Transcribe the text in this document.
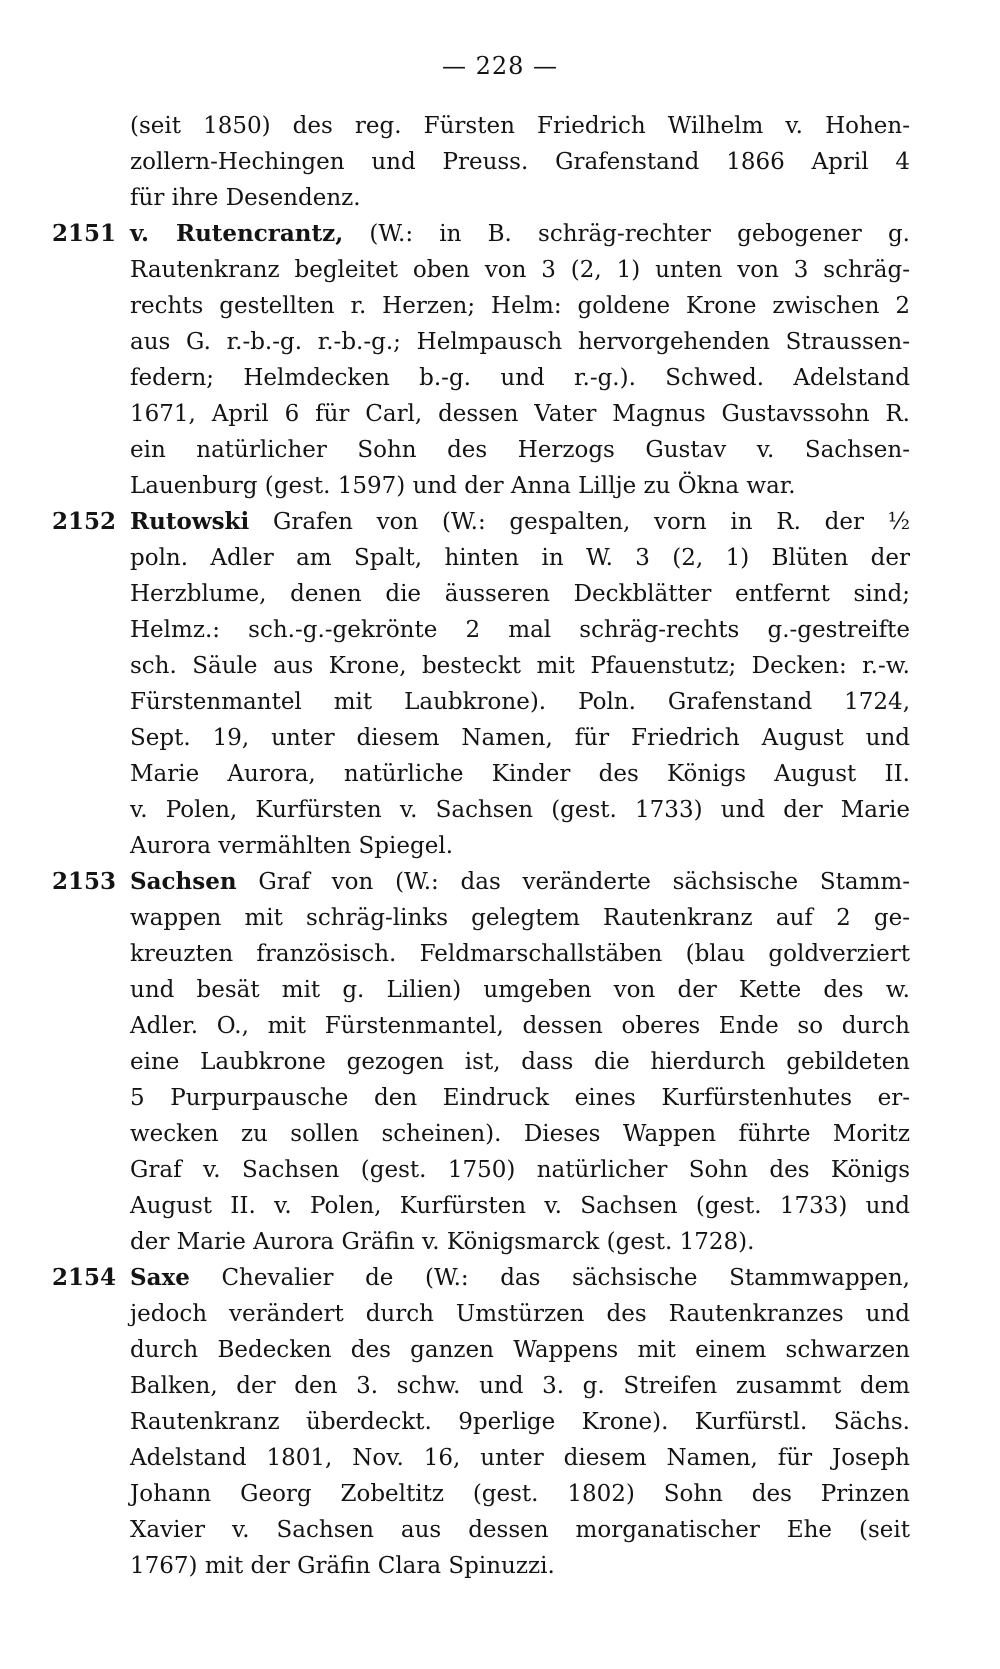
— 228 —
(seit 1850) des reg. Fürsten Friedrich Wilhelm v. Hohen-
zollern-Hechingen und Preuss. Grafenstand 1866 April 4
für ihre Desendenz.
2151 v. Rutencrantz, (W.: in B. schräg-rechter gebogener g.
Rautenkranz begleitet oben von 3 (2, 1) unten von 3 schräg-
rechts gestellten r. Herzen; Helm: goldene Krone zwischen 2
aus G. r.-b.-g. r.-b.-g.; Helmpausch hervorgehenden Straussen-
federn; Helmdecken b.-g. und r.-g.). Schwed. Adelstand
1671, April 6 für Carl, dessen Vater Magnus Gustavssohn R.
ein natürlicher Sohn des Herzogs Gustav v. Sachsen-
Lauenburg (gest. 1597) und der Anna Lillje zu Ökna war.
2152 Rutowski Grafen von (W.: gespalten, vorn in R. der ½
poln. Adler am Spalt, hinten in W. 3 (2, 1) Blüten der
Herzblume, denen die äusseren Deckblätter entfernt sind;
Helmz.: sch.-g.-gekrönte 2 mal schräg-rechts g.-gestreifte
sch. Säule aus Krone, besteckt mit Pfauenstutz; Decken: r.-w.
Fürstenmantel mit Laubkrone). Poln. Grafenstand 1724,
Sept. 19, unter diesem Namen, für Friedrich August und
Marie Aurora, natürliche Kinder des Königs August II.
v. Polen, Kurfürsten v. Sachsen (gest. 1733) und der Marie
Aurora vermählten Spiegel.
2153 Sachsen Graf von (W.: das veränderte sächsische Stamm-
wappen mit schräg-links gelegtem Rautenkranz auf 2 ge-
kreuzten französisch. Feldmarschallstäben (blau goldverziert
und besät mit g. Lilien) umgeben von der Kette des w.
Adler. O., mit Fürstenmantel, dessen oberes Ende so durch
eine Laubkrone gezogen ist, dass die hierdurch gebildeten
5 Purpurpausche den Eindruck eines Kurfürstenhutes er-
wecken zu sollen scheinen). Dieses Wappen führte Moritz
Graf v. Sachsen (gest. 1750) natürlicher Sohn des Königs
August II. v. Polen, Kurfürsten v. Sachsen (gest. 1733) und
der Marie Aurora Gräfin v. Königsmarck (gest. 1728).
2154 Saxe Chevalier de (W.: das sächsische Stammwappen,
jedoch verändert durch Umstürzen des Rautenkranzes und
durch Bedecken des ganzen Wappens mit einem schwarzen
Balken, der den 3. schw. und 3. g. Streifen zusammt dem
Rautenkranz überdeckt. 9perlige Krone). Kurfürstl. Sächs.
Adelstand 1801, Nov. 16, unter diesem Namen, für Joseph
Johann Georg Zobeltitz (gest. 1802) Sohn des Prinzen
Xavier v. Sachsen aus dessen morganatischer Ehe (seit
1767) mit der Gräfin Clara Spinuzzi.
